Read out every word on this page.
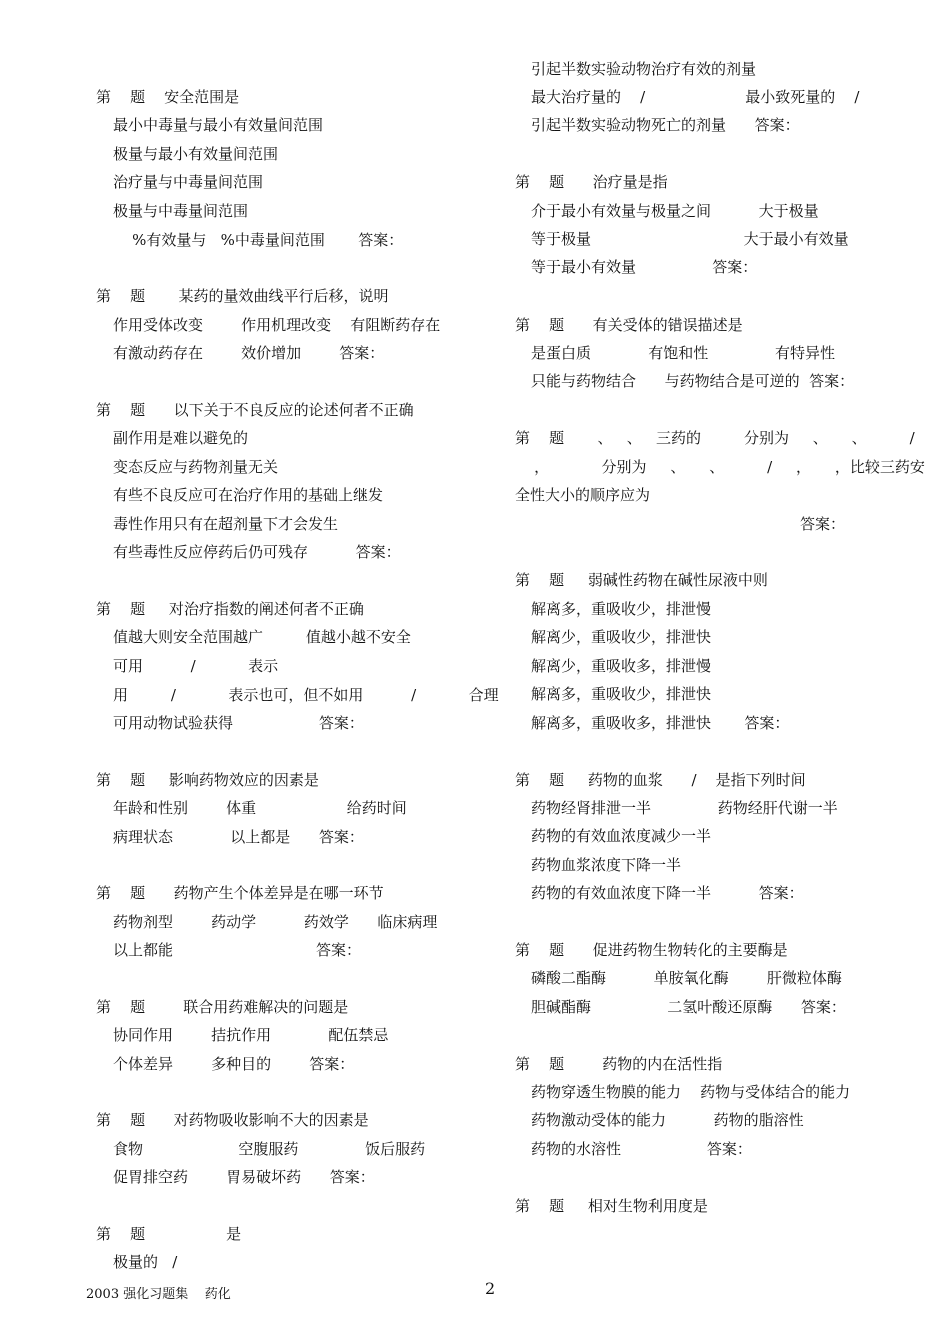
第    题    安全范围是
最小中毒量与最小有效量间范围
极量与最小有效量间范围
治疗量与中毒量间范围
极量与中毒量间范围
%有效量与   %中毒量间范围       答案：
第    题       某药的量效曲线平行后移，说明
作用受体改变        作用机理改变    有阻断药存在
有激动药存在        效价增加        答案：
第    题      以下关于不良反应的论述何者不正确
副作用是难以避免的
变态反应与药物剂量无关
有些不良反应可在治疗作用的基础上继发
毒性作用只有在超剂量下才会发生
有些毒性反应停药后仍可残存          答案：
第    题     对治疗指数的阐述何者不正确
值越大则安全范围越广         值越小越不安全
可用          /           表示
用         /           表示也可，但不如用          /           合理
可用动物试验获得                  答案：
第    题     影响药物效应的因素是
年龄和性别        体重                   给药时间
病理状态            以上都是      答案：
第    题      药物产生个体差异是在哪一环节
药物剂型        药动学          药效学      临床病理
以上都能                              答案：
第    题        联合用药难解决的问题是
协同作用        拮抗作用            配伍禁忌
个体差异        多种目的        答案：
第    题      对药物吸收影响不大的因素是
食物                    空腹服药              饭后服药
促胃排空药        胃易破坏药      答案：
第    题                 是
极量的   /
引起半数实验动物治疗有效的剂量
最大治疗量的    /                     最小致死量的    /
引起半数实验动物死亡的剂量      答案：
第    题      治疗量是指
介于最小有效量与极量之间          大于极量
等于极量                                大于最小有效量
等于最小有效量                答案：
第    题      有关受体的错误描述是
是蛋白质            有饱和性              有特异性
只能与药物结合      与药物结合是可逆的  答案：
第    题       、   、   三药的         分别为     、     、         /
，           分别为     、     、         /     ，     ，比较三药安
全性大小的顺序应为
答案：
第    题     弱碱性药物在碱性尿液中则
解离多，重吸收少，排泄慢
解离少，重吸收少，排泄快
解离少，重吸收多，排泄慢
解离多，重吸收少，排泄快
解离多，重吸收多，排泄快       答案：
第    题     药物的血浆      /    是指下列时间
药物经肾排泄一半              药物经肝代谢一半
药物的有效血浓度减少一半
药物血浆浓度下降一半
药物的有效血浓度下降一半          答案：
第    题      促进药物生物转化的主要酶是
磷酸二酯酶          单胺氧化酶        肝微粒体酶
胆碱酯酶                二氢叶酸还原酶      答案：
第    题        药物的内在活性指
药物穿透生物膜的能力    药物与受体结合的能力
药物激动受体的能力          药物的脂溶性
药物的水溶性                  答案：
第    题     相对生物利用度是
2003 强化习题集    药化	2
